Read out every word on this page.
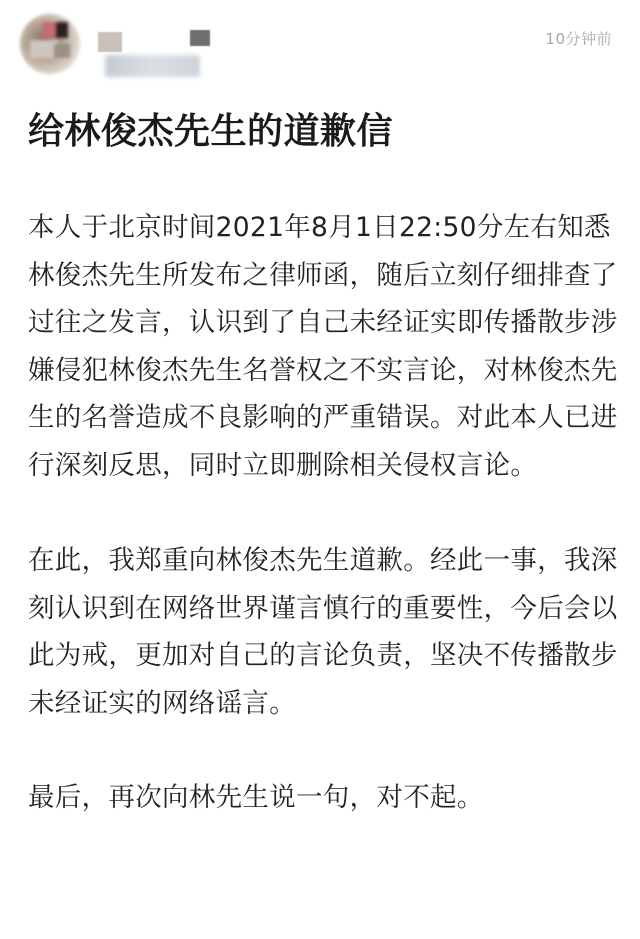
10分钟前
给林俊杰先生的道歉信

本人于北京时间2021年8月1日22:50分左右知悉林俊杰先生所发布之律师函，随后立刻仔细排查了过往之发言，认识到了自己未经证实即传播散步涉嫌侵犯林俊杰先生名誉权之不实言论，对林俊杰先生的名誉造成不良影响的严重错误。对此本人已进行深刻反思，同时立即删除相关侵权言论。

在此，我郑重向林俊杰先生道歉。经此一事，我深刻认识到在网络世界谨言慎行的重要性，今后会以此为戒，更加对自己的言论负责，坚决不传播散步未经证实的网络谣言。

最后，再次向林先生说一句，对不起。
